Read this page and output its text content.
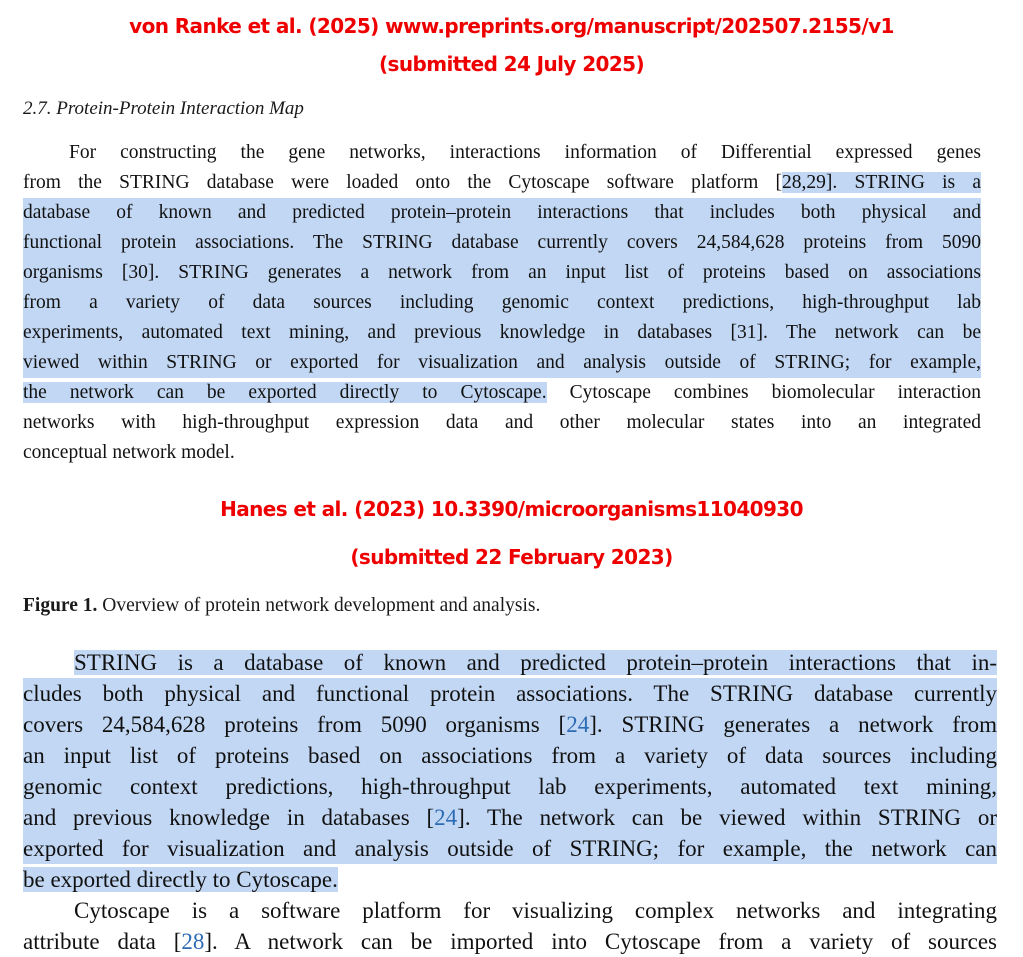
von Ranke et al. (2025) www.preprints.org/manuscript/202507.2155/v1
(submitted 24 July 2025)
2.7. Protein-Protein Interaction Map
For constructing the gene networks, interactions information of Differential expressed genes
from the STRING database were loaded onto the Cytoscape software platform [28,29]. STRING is a
database of known and predicted protein–protein interactions that includes both physical and
functional protein associations. The STRING database currently covers 24,584,628 proteins from 5090
organisms [30]. STRING generates a network from an input list of proteins based on associations
from a variety of data sources including genomic context predictions, high-throughput lab
experiments, automated text mining, and previous knowledge in databases [31]. The network can be
viewed within STRING or exported for visualization and analysis outside of STRING; for example,
the network can be exported directly to Cytoscape. Cytoscape combines biomolecular interaction
networks with high-throughput expression data and other molecular states into an integrated
conceptual network model.
Hanes et al. (2023) 10.3390/microorganisms11040930
(submitted 22 February 2023)
Figure 1. Overview of protein network development and analysis.
STRING is a database of known and predicted protein–protein interactions that in-
cludes both physical and functional protein associations. The STRING database currently
covers 24,584,628 proteins from 5090 organisms [24]. STRING generates a network from
an input list of proteins based on associations from a variety of data sources including
genomic context predictions, high-throughput lab experiments, automated text mining,
and previous knowledge in databases [24]. The network can be viewed within STRING or
exported for visualization and analysis outside of STRING; for example, the network can
be exported directly to Cytoscape.
Cytoscape is a software platform for visualizing complex networks and integrating
attribute data [28]. A network can be imported into Cytoscape from a variety of sources
